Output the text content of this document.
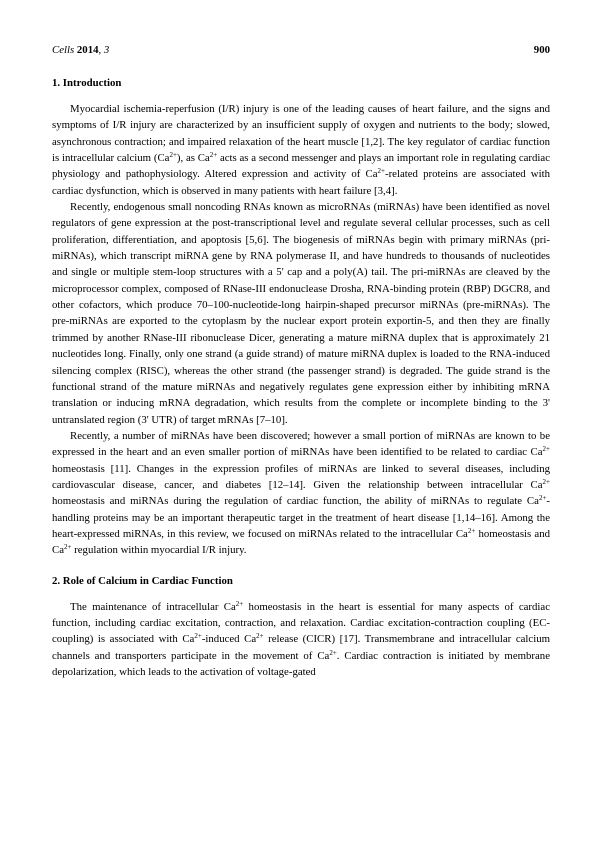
Cells 2014, 3	900
1. Introduction

Myocardial ischemia-reperfusion (I/R) injury is one of the leading causes of heart failure, and the signs and symptoms of I/R injury are characterized by an insufficient supply of oxygen and nutrients to the body; slowed, asynchronous contraction; and impaired relaxation of the heart muscle [1,2]. The key regulator of cardiac function is intracellular calcium $(Ca^{2+})$, as $Ca^{2+}$ acts as a second messenger and plays an important role in regulating cardiac physiology and pathophysiology. Altered expression and activity of $Ca^{2+}$-related proteins are associated with cardiac dysfunction, which is observed in many patients with heart failure [3,4].

Recently, endogenous small noncoding RNAs known as microRNAs (miRNAs) have been identified as novel regulators of gene expression at the post-transcriptional level and regulate several cellular processes, such as cell proliferation, differentiation, and apoptosis [5,6]. The biogenesis of miRNAs begin with primary miRNAs (pri-miRNAs), which transcript miRNA gene by RNA polymerase II, and have hundreds to thousands of nucleotides and single or multiple stem-loop structures with a 5' cap and a poly(A) tail. The pri-miRNAs are cleaved by the microprocessor complex, composed of RNase-III endonuclease Drosha, RNA-binding protein (RBP) DGCR8, and other cofactors, which produce 70–100-nucleotide-long hairpin-shaped precursor miRNAs (pre-miRNAs). The pre-miRNAs are exported to the cytoplasm by the nuclear export protein exportin-5, and then they are finally trimmed by another RNase-III ribonuclease Dicer, generating a mature miRNA duplex that is approximately 21 nucleotides long. Finally, only one strand (a guide strand) of mature miRNA duplex is loaded to the RNA-induced silencing complex (RISC), whereas the other strand (the passenger strand) is degraded. The guide strand is the functional strand of the mature miRNAs and negatively regulates gene expression either by inhibiting mRNA translation or inducing mRNA degradation, which results from the complete or incomplete binding to the 3' untranslated region (3' UTR) of target mRNAs [7–10].

Recently, a number of miRNAs have been discovered; however a small portion of miRNAs are known to be expressed in the heart and an even smaller portion of miRNAs have been identified to be related to cardiac $Ca^{2+}$ homeostasis [11]. Changes in the expression profiles of miRNAs are linked to several diseases, including cardiovascular disease, cancer, and diabetes [12–14]. Given the relationship between intracellular $Ca^{2+}$ homeostasis and miRNAs during the regulation of cardiac function, the ability of miRNAs to regulate $Ca^{2+}$-handling proteins may be an important therapeutic target in the treatment of heart disease [1,14–16]. Among the heart-expressed miRNAs, in this review, we focused on miRNAs related to the intracellular $Ca^{2+}$ homeostasis and $Ca^{2+}$ regulation within myocardial I/R injury.

2. Role of Calcium in Cardiac Function

The maintenance of intracellular $Ca^{2+}$ homeostasis in the heart is essential for many aspects of cardiac function, including cardiac excitation, contraction, and relaxation. Cardiac excitation-contraction coupling (EC-coupling) is associated with $Ca^{2+}$-induced $Ca^{2+}$ release (CICR) [17]. Transmembrane and intracellular calcium channels and transporters participate in the movement of $Ca^{2+}$. Cardiac contraction is initiated by membrane depolarization, which leads to the activation of voltage-gated
